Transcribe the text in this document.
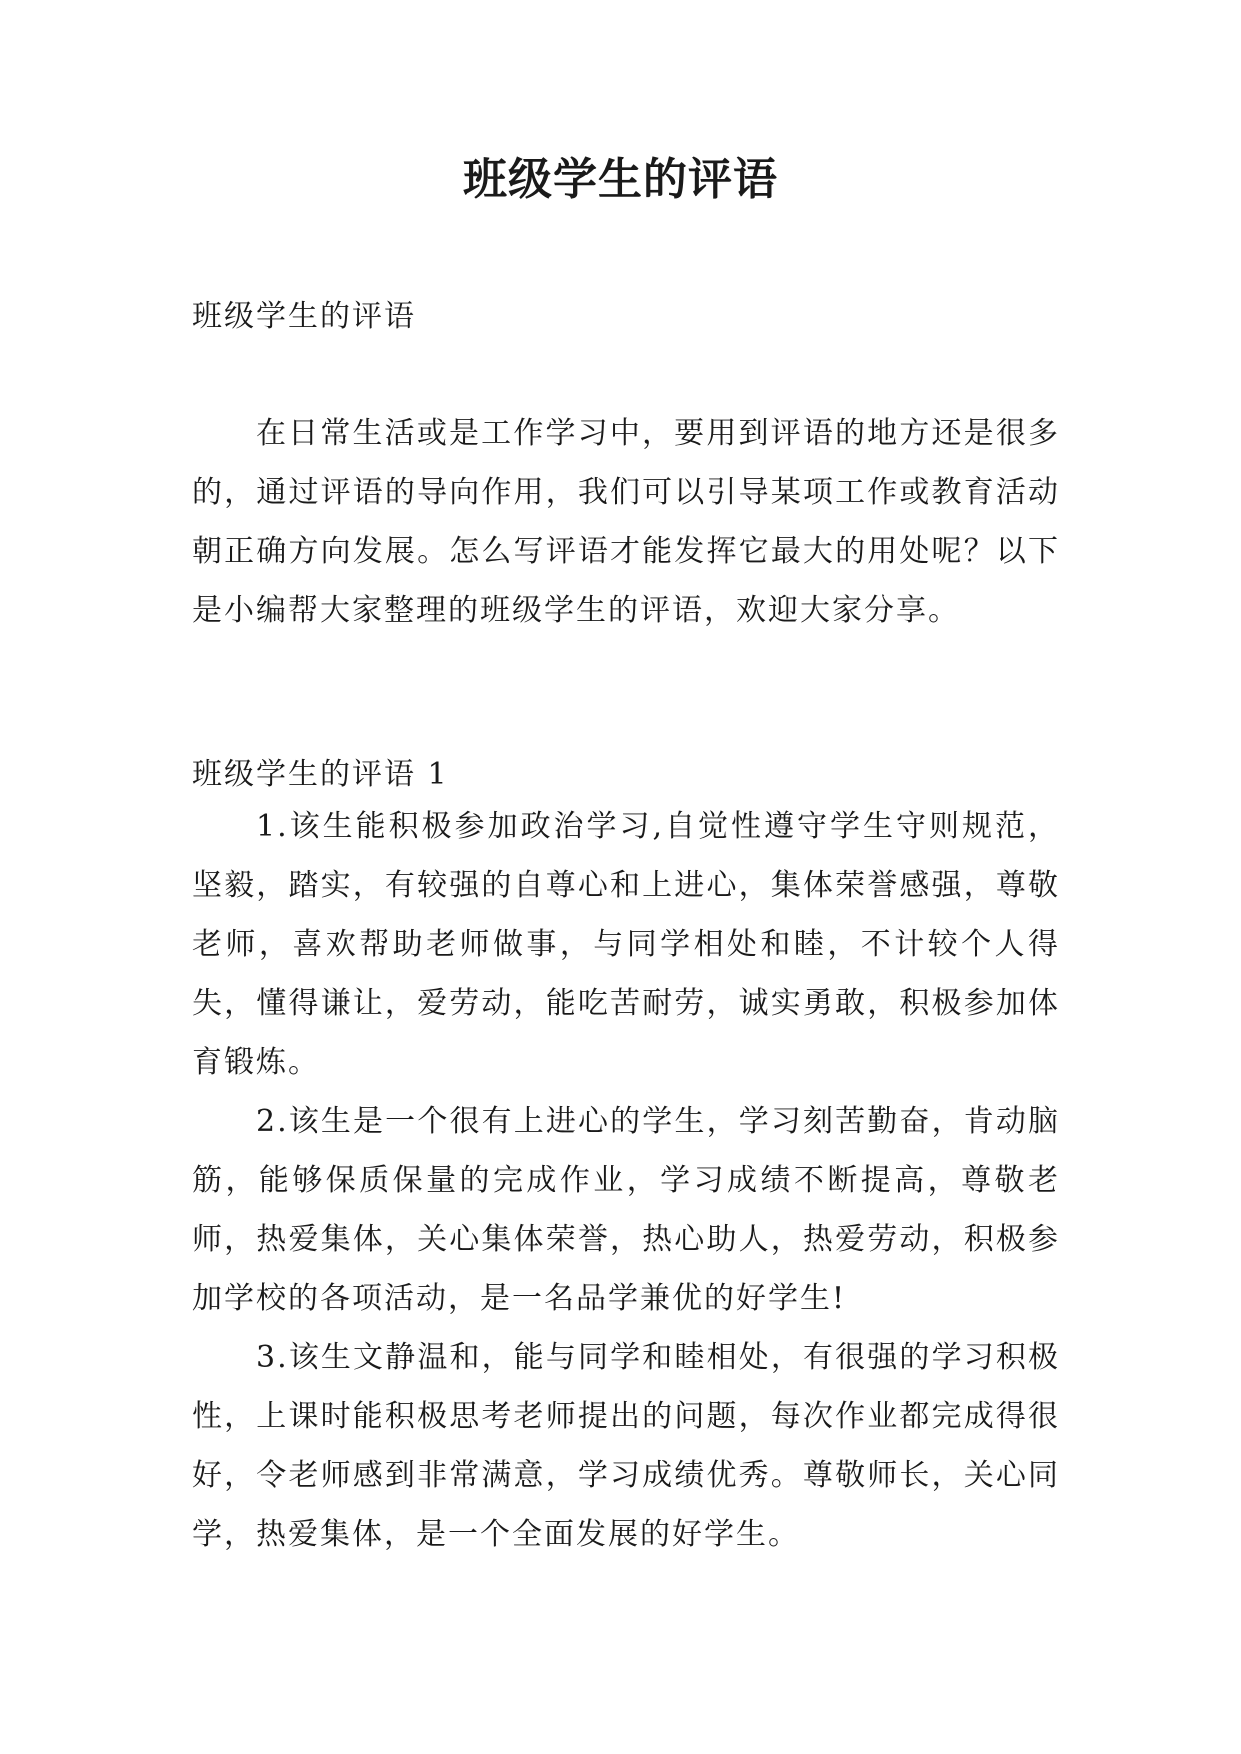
班级学生的评语

班级学生的评语

在日常生活或是工作学习中，要用到评语的地方还是很多的，通过评语的导向作用，我们可以引导某项工作或教育活动朝正确方向发展。怎么写评语才能发挥它最大的用处呢？以下是小编帮大家整理的班级学生的评语，欢迎大家分享。

班级学生的评语 1

1.该生能积极参加政治学习,自觉性遵守学生守则规范，坚毅，踏实，有较强的自尊心和上进心，集体荣誉感强，尊敬老师，喜欢帮助老师做事，与同学相处和睦，不计较个人得失，懂得谦让，爱劳动，能吃苦耐劳，诚实勇敢，积极参加体育锻炼。

2.该生是一个很有上进心的学生，学习刻苦勤奋，肯动脑筋，能够保质保量的完成作业，学习成绩不断提高，尊敬老师，热爱集体，关心集体荣誉，热心助人，热爱劳动，积极参加学校的各项活动，是一名品学兼优的好学生!

3.该生文静温和，能与同学和睦相处，有很强的学习积极性，上课时能积极思考老师提出的问题，每次作业都完成得很好，令老师感到非常满意，学习成绩优秀。尊敬师长，关心同学，热爱集体，是一个全面发展的好学生。
